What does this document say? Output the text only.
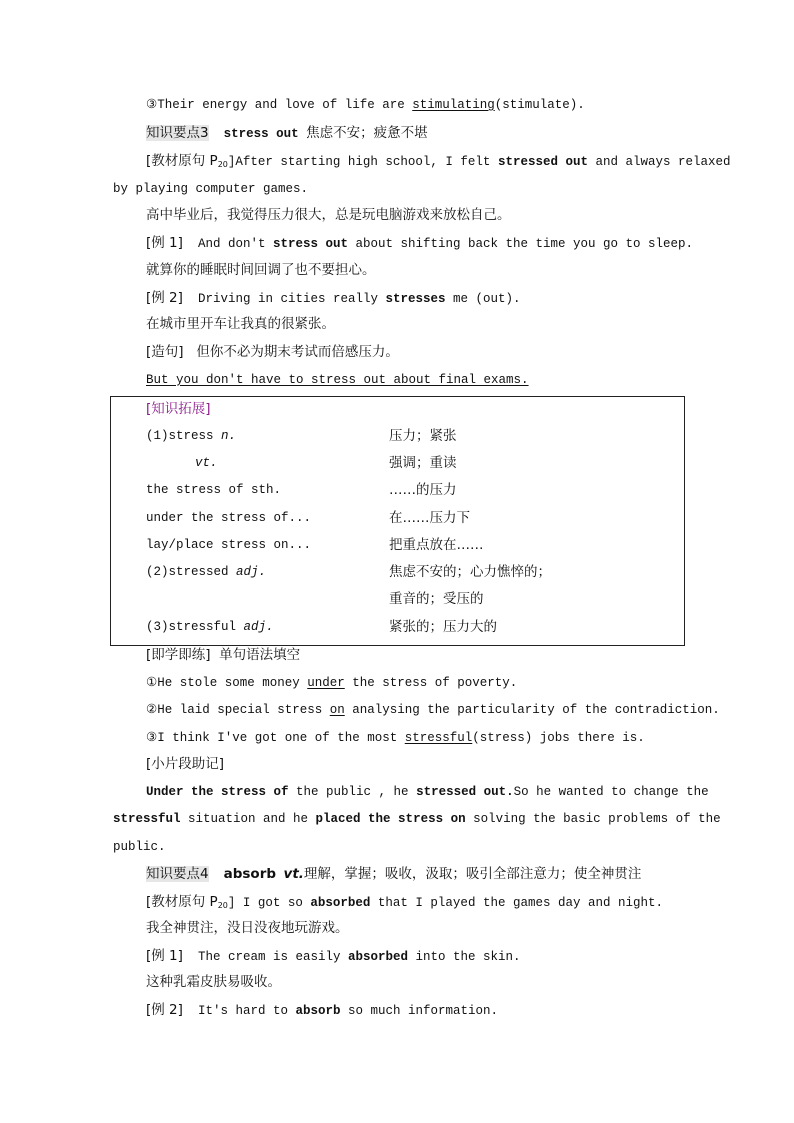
③Their energy and love of life are stimulating(stimulate).
知识要点3 stress out 焦虑不安；疲惫不堪
[教材原句 $P_{20}]After$ starting high school, I felt stressed out and always relaxed
by playing computer games.
高中毕业后，我觉得压力很大，总是玩电脑游戏来放松自己。
[例 1] And don't stress out about shifting back the time you go to sleep.
就算你的睡眠时间回调了也不要担心。
[例 2] Driving in cities really stresses me (out).
在城市里开车让我真的很紧张。
[造句] 但你不必为期末考试而倍感压力。
But you don't have to stress out about final exams.
[知识拓展]
(1)stress n.	压力；紧张
vt.	强调；重读
the stress of sth.	……的压力
under the stress of...	在……压力下
lay/place stress on...	把重点放在……
(2)stressed adj.	焦虑不安的；心力憔悴的；
重音的；受压的
(3)stressful adj.	紧张的；压力大的
[即学即练] 单句语法填空
①He stole some money under the stress of poverty.
②He laid special stress on analysing the particularity of the contradiction.
③I think I've got one of the most stressful(stress) jobs there is.
[小片段助记]
Under the stress of the public , he stressed out.So he wanted to change the
stressful situation and he placed the stress on solving the basic problems of the
public.
知识要点4 absorb vt.理解，掌握；吸收，汲取；吸引全部注意力；使全神贯注
[教材原句 $P_{20}$] I got so absorbed that I played the games day and night.
我全神贯注，没日没夜地玩游戏。
[例 1] The cream is easily absorbed into the skin.
这种乳霜皮肤易吸收。
[例 2] It's hard to absorb so much information.
